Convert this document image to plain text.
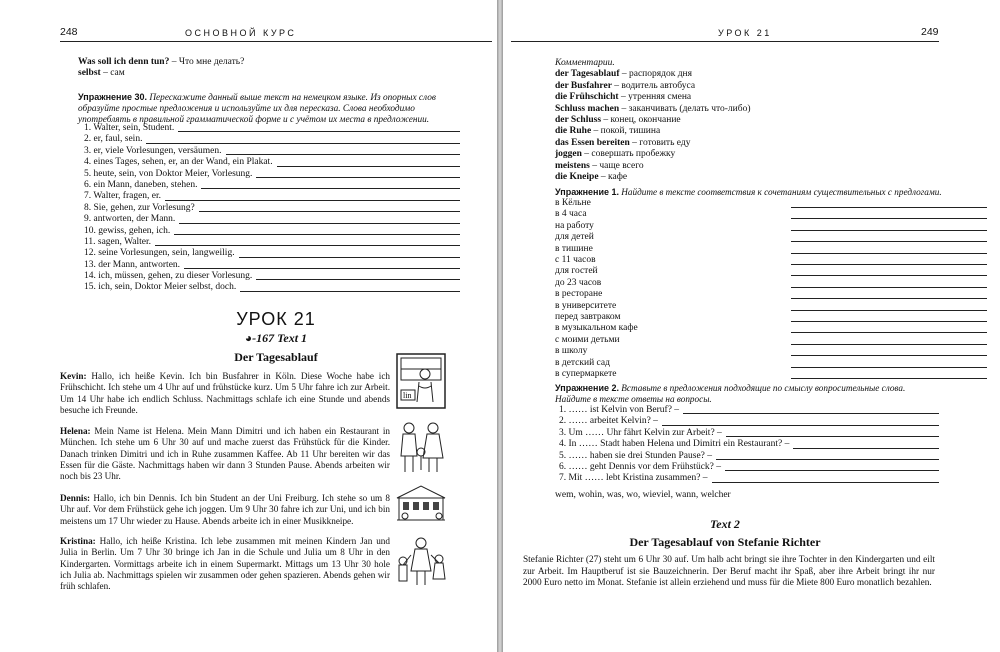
248	ОСНОВНОЙ КУРС
Was soll ich denn tun? – Что мне делать?
selbst – сам
Упражнение 30. Перескажите данный выше текст на немецком языке. Из опорных слов образуйте простые предложения и используйте их для пересказа. Слова необходимо употреблять в правильной грамматической форме и с учётом их места в предложении.
1. Walter, sein, Student.
2. er, faul, sein.
3. er, viele Vorlesungen, versäumen.
4. eines Tages, sehen, er, an der Wand, ein Plakat.
5. heute, sein, von Doktor Meier, Vorlesung.
6. ein Mann, daneben, stehen.
7. Walter, fragen, er.
8. Sie, gehen, zur Vorlesung?
9. antworten, der Mann.
10. gewiss, gehen, ich.
11. sagen, Walter.
12. seine Vorlesungen, sein, langweilig.
13. der Mann, antworten.
14. ich, müssen, gehen, zu dieser Vorlesung.
15. ich, sein, Doktor Meier selbst, doch.
УРОК 21
◕-167 Text 1
Der Tagesablauf
Kevin: Hallo, ich heiße Kevin. Ich bin Busfahrer in Köln. Diese Woche habe ich Frühschicht. Ich stehe um 4 Uhr auf und frühstücke kurz. Um 5 Uhr fahre ich zur Arbeit. Um 14 Uhr habe ich endlich Schluss. Nachmittags schlafe ich eine Stunde und abends besuche ich Freunde.
Helena: Mein Name ist Helena. Mein Mann Dimitri und ich haben ein Restaurant in München. Ich stehe um 6 Uhr 30 auf und mache zuerst das Frühstück für die Kinder. Danach trinken Dimitri und ich in Ruhe zusammen Kaffee. Ab 11 Uhr bereiten wir das Essen für die Gäste. Nachmittags haben wir dann 3 Stunden Pause. Abends arbeiten wir noch bis 23 Uhr.
Dennis: Hallo, ich bin Dennis. Ich bin Student an der Uni Freiburg. Ich stehe so um 8 Uhr auf. Vor dem Frühstück gehe ich joggen. Um 9 Uhr 30 fahre ich zur Uni, und ich bin meistens um 17 Uhr wieder zu Hause. Abends arbeite ich in einer Musikkneipe.
Kristina: Hallo, ich heiße Kristina. Ich lebe zusammen mit meinen Kindern Jan und Julia in Berlin. Um 7 Uhr 30 bringe ich Jan in die Schule und Julia um 8 Uhr in den Kindergarten. Vormittags arbeite ich in einem Supermarkt. Mittags um 13 Uhr 30 hole ich Julia ab. Nachmittags spielen wir zusammen oder gehen spazieren. Abends gehen wir früh schlafen.
lin
УРОК 21	249
Комментарии.
der Tagesablauf – распорядок дня
der Busfahrer – водитель автобуса
die Frühschicht – утренняя смена
Schluss machen – заканчивать (делать что-либо)
der Schluss – конец, окончание
die Ruhe – покой, тишина
das Essen bereiten – готовить еду
joggen – совершать пробежку
meistens – чаще всего
die Kneipe – кафе
Упражнение 1. Найдите в тексте соответствия к сочетаниям существительных с предлогами.
в Кёльне
в 4 часа
на работу
для детей
в тишине
с 11 часов
для гостей
до 23 часов
в ресторане
в университете
перед завтраком
в музыкальном кафе
с моими детьми
в школу
в детский сад
в супермаркете
Упражнение 2. Вставьте в предложения подходящие по смыслу вопросительные слова. Найдите в тексте ответы на вопросы.
1. …… ist Kelvin von Beruf? –
2. …… arbeitet Kelvin? –
3. Um …… Uhr fährt Kelvin zur Arbeit? –
4. In …… Stadt haben Helena und Dimitri ein Restaurant? –
5. …… haben sie drei Stunden Pause? –
6. …… geht Dennis vor dem Frühstück? –
7. Mit …… lebt Kristina zusammen? –
wem, wohin, was, wo, wieviel, wann, welcher
Text 2
Der Tagesablauf von Stefanie Richter
Stefanie Richter (27) steht um 6 Uhr 30 auf. Um halb acht bringt sie ihre Tochter in den Kindergarten und eilt zur Arbeit. Im Hauptberuf ist sie Bauzeichnerin. Der Beruf macht ihr Spaß, aber ihre Arbeit bringt ihr nur 2000 Euro netto im Monat. Stefanie ist allein erziehend und muss für die Miete 800 Euro monatlich bezahlen.
